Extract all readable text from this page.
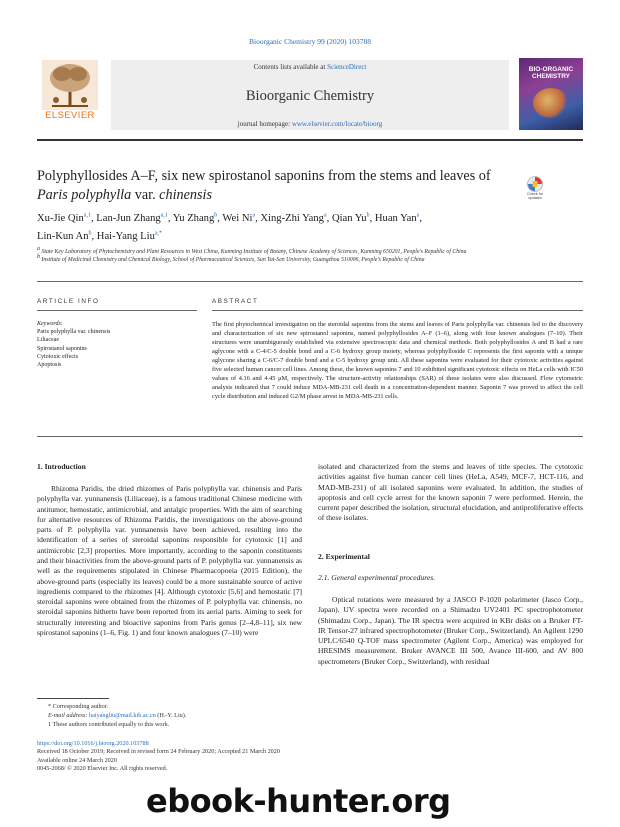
Bioorganic Chemistry 99 (2020) 103788
ELSEVIER
Contents lists available at ScienceDirect
Bioorganic Chemistry
journal homepage: www.elsevier.com/locate/bioorg
BIO-ORGANIC CHEMISTRY
Polyphyllosides A–F, six new spirostanol saponins from the stems and leaves of Paris polyphylla var. chinensis	Check for updates
Xu-Jie Qin$^{a,1}$, Lan-Jun Zhang$^{a,1}$, Yu Zhang$^b$, Wei Ni$^a$, Xing-Zhi Yang$^a$, Qian Yu$^b$, Huan Yan$^a$,
Lin-Kun An$^b$, Hai-Yang Liu$^{a,*}$
$^a$ State Key Laboratory of Phytochemistry and Plant Resources in West China, Kunming Institute of Botany, Chinese Academy of Sciences, Kunming 650201, People's Republic of China
$^b$ Institute of Medicinal Chemistry and Chemical Biology, School of Pharmaceutical Sciences, Sun Yat-Sen University, Guangzhou 510006, People's Republic of China
ARTICLE INFO	ABSTRACT
Keywords:
Paris polyphylla var. chinensis
Liliaceae
Spirostanol saponins
Cytotoxic effects
Apoptosis
The first phytochemical investigation on the steroidal saponins from the stems and leaves of Paris polyphylla var. chinensis led to the discovery and characterization of six new spirostanol saponins, named polyphyllosides A–F (1–6), along with four known analogues (7–10). Their structures were unambiguously established via extensive spectroscopic data and chemical methods. Both polyphyllosides A and B had a rare aglycone with a C-4/C-5 double bond and a C-6 hydroxy group moiety, whereas polyphylloside C represents the first saponin with a unique aglycone sharing a C-6/C-7 double bond and a C-5 hydroxy group unit. All these saponins were evaluated for their cytotoxic activities against five selected human cancer cell lines. Among these, the known saponins 7 and 10 exhibited significant cytotoxic effects on HeLa cells with IC50 values of 4.16 and 4.45 μM, respectively. The structure-activity relationships (SAR) of these isolates were also discussed. Flow cytometric analysis indicated that 7 could induce MDA-MB-231 cell death in a concentration-dependent manner. Saponin 7 was proved to affect the cell cycle distribution and induced G2/M phase arrest in MDA-MB-231 cells.
1. Introduction

Rhizoma Paridis, the dried rhizomes of Paris polyphylla var. chinensis and Paris polyphylla var. yunnanensis (Liliaceae), is a famous traditional Chinese medicine with antitumor, hemostatic, antimicrobial, and antalgic properties. With the aim of searching for alternative resources of Rhizoma Paridis, the investigations on the above-ground parts of P. polyphylla var. yunnanensis have been achieved, resulting into the identification of a series of steroidal saponins responsible for cytotoxic [1] and antimicrobic [2,3] properties. More importantly, according to the saponin constituents and their bioactivities from the above-ground parts of P. polyphylla var. yunnanensis as well as the requirements stipulated in Chinese Pharmacopoeia (2015 Edition), the above-ground parts (especially its leaves) could be a more sustainable source of active ingredients compared to the rhizomes [4]. Although cytotoxic [5,6] and hemostatic [7] steroidal saponins were obtained from the rhizomes of P. polyphylla var. chinensis, no steroidal saponins hitherto have been reported from its aerial parts. Aiming to seek for structurally interesting and bioactive saponins from Paris genus [2–4,8–11], six new spirostanol saponins (1–6, Fig. 1) and four known analogues (7–10) were

isolated and characterized from the stems and leaves of title species. The cytotoxic activities against five human cancer cell lines (HeLa, A549, MCF-7, HCT-116, and MAD-MB-231) of all isolated saponins were evaluated. In addition, the studies of apoptosis and cell cycle arrest for the known saponin 7 were performed. Herein, the current paper described the isolation, structural elucidation, and antiproliferative effects of these isolates.

2. Experimental
2.1. General experimental procedures.

Optical rotations were measured by a JASCO P-1020 polarimeter (Jasco Corp., Japan). UV spectra were recorded on a Shimadzu UV2401 PC spectrophotometer (Shimadzu Corp., Japan). The IR spectra were acquired in KBr disks on a Bruker FT-IR Tensor-27 infrared spectrophotometer (Bruker Corp., Switzerland). An Agilent 1290 UPLC/6540 Q-TOF mass spectrometer (Agilent Corp., America) was employed for HRESIMS measurement. Bruker AVANCE III 500, Avance III-600, and AV 800 spectrometers (Bruker Corp., Switzerland), with residual

* Corresponding author.
E-mail address: haiyangliu@mail.kib.ac.cn (H.-Y. Liu).
1 These authors contributed equally to this work.
https://doi.org/10.1016/j.bioorg.2020.103788
Received 18 October 2019; Received in revised form 24 February 2020; Accepted 21 March 2020
Available online 24 March 2020
0045-2068/ © 2020 Elsevier Inc. All rights reserved.
ebook-hunter.org
